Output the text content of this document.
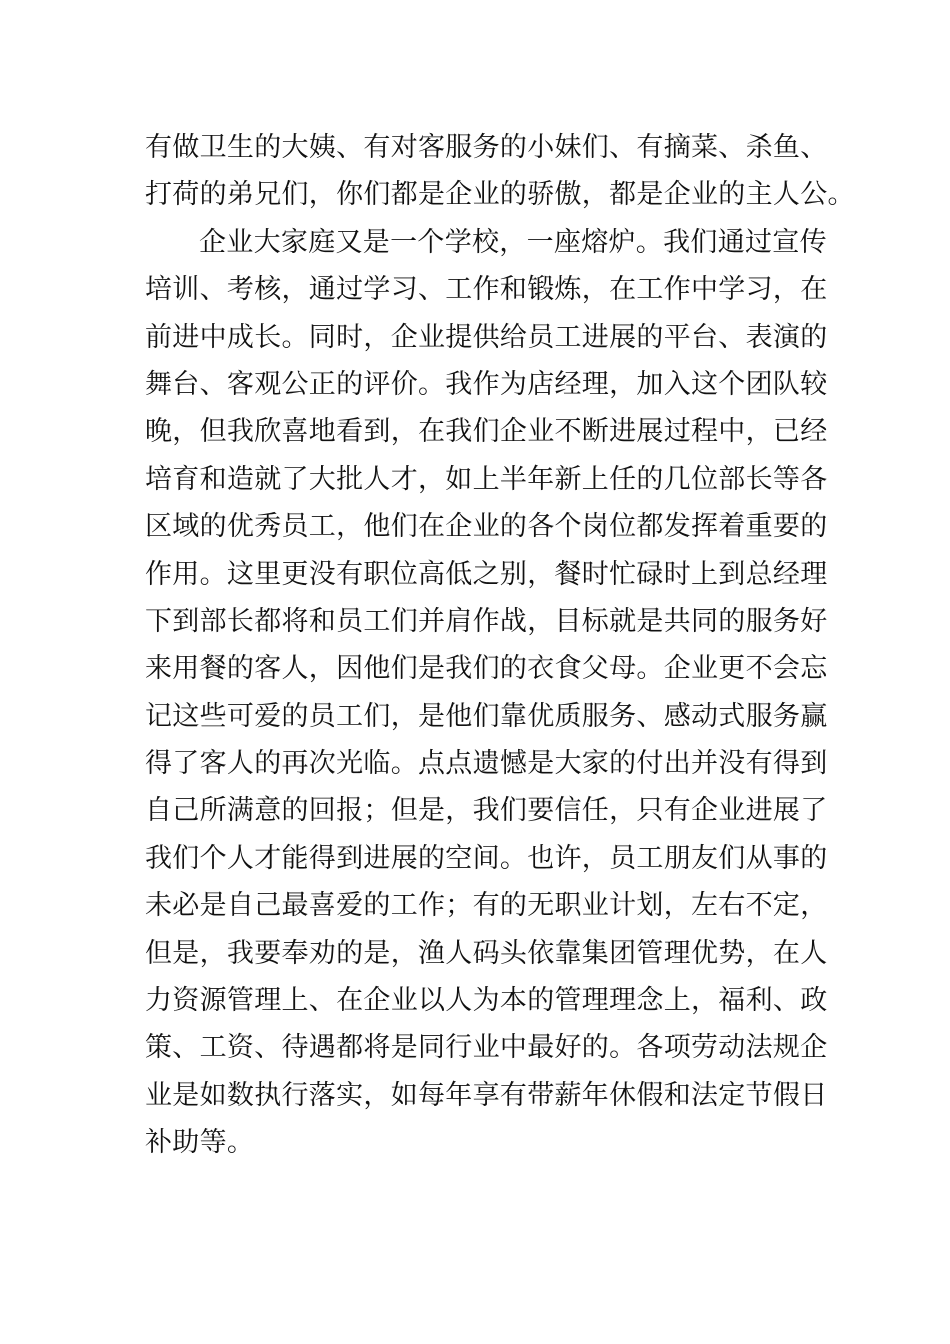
有做卫生的大姨、有对客服务的小妹们、有摘菜、杀鱼、
打荷的弟兄们，你们都是企业的骄傲，都是企业的主人公。
企业大家庭又是一个学校，一座熔炉。我们通过宣传
培训、考核，通过学习、工作和锻炼，在工作中学习，在
前进中成长。同时，企业提供给员工进展的平台、表演的
舞台、客观公正的评价。我作为店经理，加入这个团队较
晚，但我欣喜地看到，在我们企业不断进展过程中，已经
培育和造就了大批人才，如上半年新上任的几位部长等各
区域的优秀员工，他们在企业的各个岗位都发挥着重要的
作用。这里更没有职位高低之别，餐时忙碌时上到总经理
下到部长都将和员工们并肩作战，目标就是共同的服务好
来用餐的客人，因他们是我们的衣食父母。企业更不会忘
记这些可爱的员工们，是他们靠优质服务、感动式服务赢
得了客人的再次光临。点点遗憾是大家的付出并没有得到
自己所满意的回报；但是，我们要信任，只有企业进展了
我们个人才能得到进展的空间。也许，员工朋友们从事的
未必是自己最喜爱的工作；有的无职业计划，左右不定，
但是，我要奉劝的是，渔人码头依靠集团管理优势，在人
力资源管理上、在企业以人为本的管理理念上，福利、政
策、工资、待遇都将是同行业中最好的。各项劳动法规企
业是如数执行落实，如每年享有带薪年休假和法定节假日
补助等。
